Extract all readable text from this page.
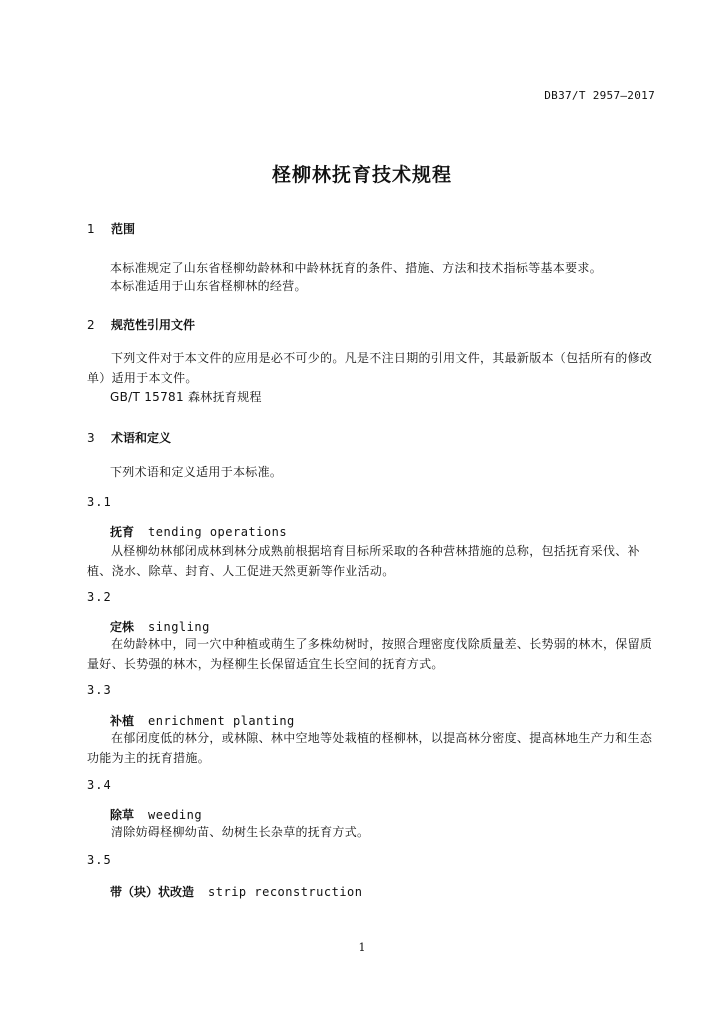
DB37/T 2957—2017
柽柳林抚育技术规程
1 范围
本标准规定了山东省柽柳幼龄林和中龄林抚育的条件、措施、方法和技术指标等基本要求。
本标准适用于山东省柽柳林的经营。
2 规范性引用文件
下列文件对于本文件的应用是必不可少的。凡是不注日期的引用文件，其最新版本（包括所有的修改单）适用于本文件。
GB/T 15781 森林抚育规程
3 术语和定义
下列术语和定义适用于本标准。
3.1
抚育 tending operations
从柽柳幼林郁闭成林到林分成熟前根据培育目标所采取的各种营林措施的总称，包括抚育采伐、补植、浇水、除草、封育、人工促进天然更新等作业活动。
3.2
定株 singling
在幼龄林中，同一穴中种植或萌生了多株幼树时，按照合理密度伐除质量差、长势弱的林木，保留质量好、长势强的林木，为柽柳生长保留适宜生长空间的抚育方式。
3.3
补植 enrichment planting
在郁闭度低的林分，或林隙、林中空地等处栽植的柽柳林，以提高林分密度、提高林地生产力和生态功能为主的抚育措施。
3.4
除草 weeding
清除妨碍柽柳幼苗、幼树生长杂草的抚育方式。
3.5
带（块）状改造 strip reconstruction
1
